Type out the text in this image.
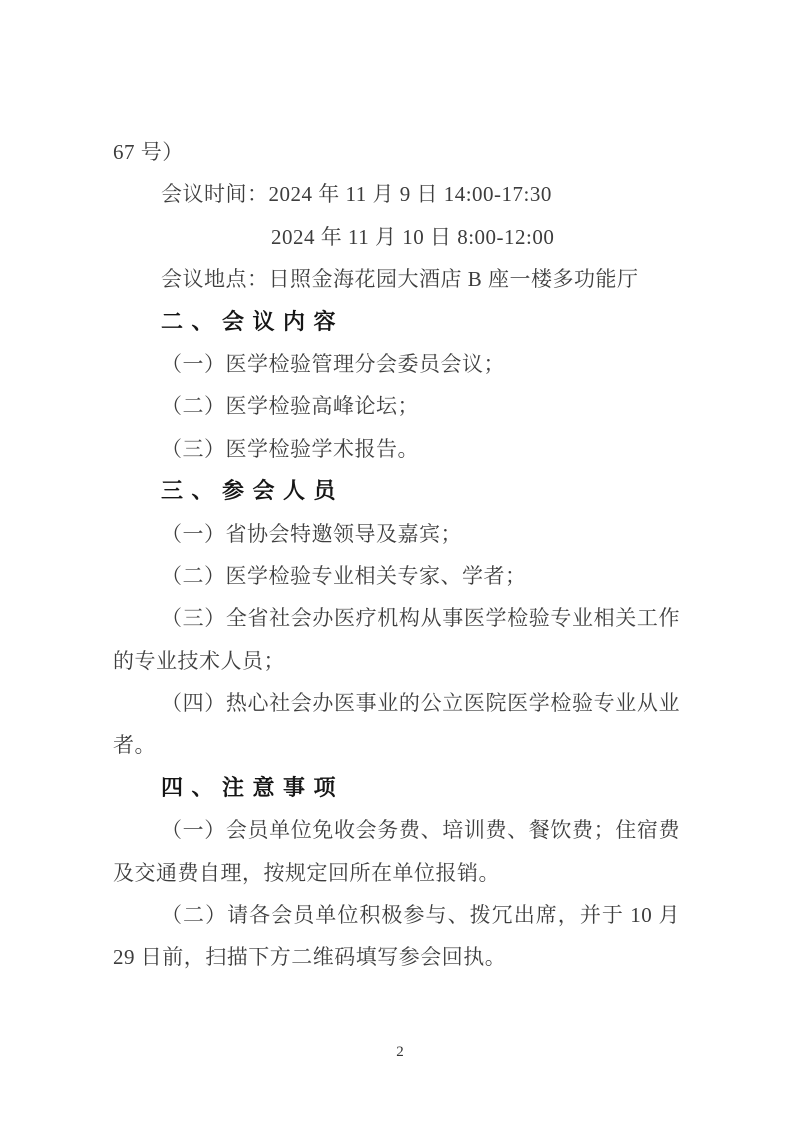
67 号）
会议时间：2024 年 11 月 9 日 14:00-17:30
2024 年 11 月 10 日 8:00-12:00
会议地点：日照金海花园大酒店 B 座一楼多功能厅
二、会议内容
（一）医学检验管理分会委员会议；
（二）医学检验高峰论坛；
（三）医学检验学术报告。
三、参会人员
（一）省协会特邀领导及嘉宾；
（二）医学检验专业相关专家、学者；
（三）全省社会办医疗机构从事医学检验专业相关工作
的专业技术人员；
（四）热心社会办医事业的公立医院医学检验专业从业
者。
四、注意事项
（一）会员单位免收会务费、培训费、餐饮费；住宿费
及交通费自理，按规定回所在单位报销。
（二）请各会员单位积极参与、拨冗出席，并于 10 月
29 日前，扫描下方二维码填写参会回执。
2
